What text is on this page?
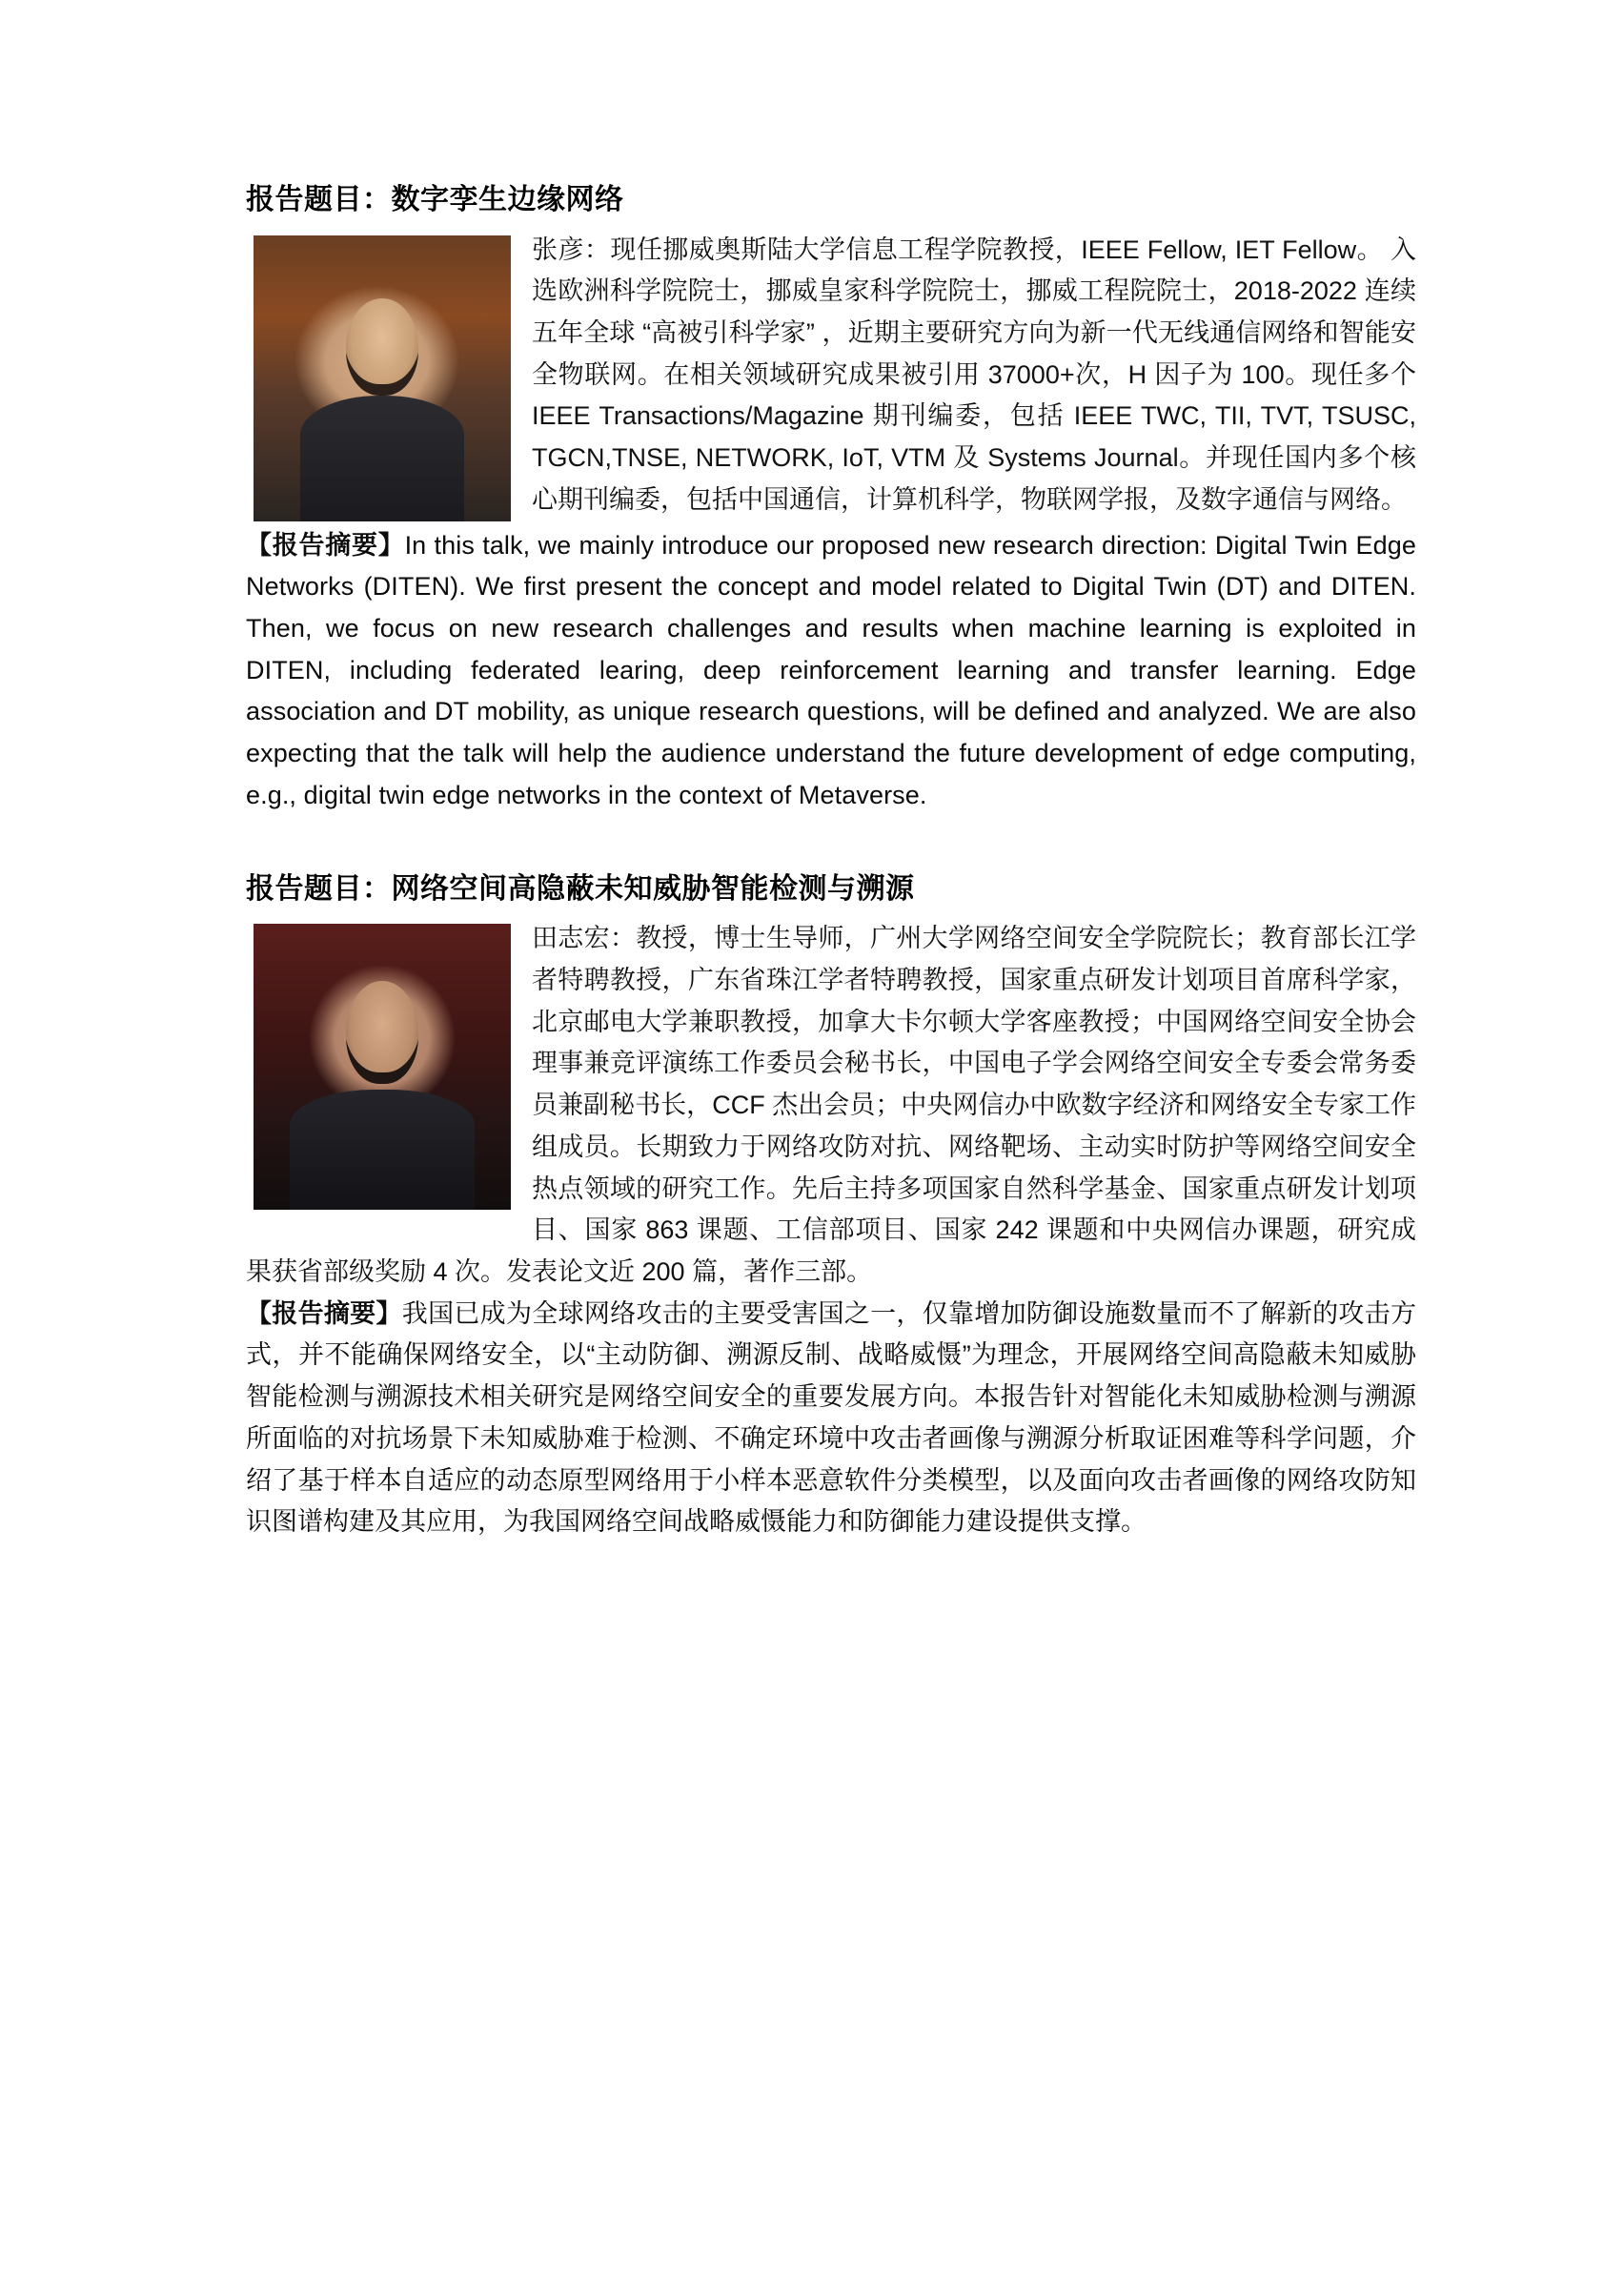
报告题目：数字孪生边缘网络

张彦：现任挪威奥斯陆大学信息工程学院教授，IEEE Fellow, IET Fellow。 入选欧洲科学院院士，挪威皇家科学院院士，挪威工程院院士，2018-2022 连续五年全球 “高被引科学家” ，近期主要研究方向为新一代无线通信网络和智能安全物联网。在相关领域研究成果被引用 37000+次，H 因子为 100。现任多个 IEEE Transactions/Magazine 期刊编委，包括 IEEE TWC, TII, TVT, TSUSC, TGCN,TNSE, NETWORK, IoT, VTM 及 Systems Journal。并现任国内多个核心期刊编委，包括中国通信，计算机科学，物联网学报，及数字通信与网络。

【报告摘要】In this talk, we mainly introduce our proposed new research direction: Digital Twin Edge Networks (DITEN). We first present the concept and model related to Digital Twin (DT) and DITEN. Then, we focus on new research challenges and results when machine learning is exploited in DITEN, including federated learing, deep reinforcement learning and transfer learning. Edge association and DT mobility, as unique research questions, will be defined and analyzed. We are also expecting that the talk will help the audience understand the future development of edge computing, e.g., digital twin edge networks in the context of Metaverse.

报告题目：网络空间高隐蔽未知威胁智能检测与溯源

田志宏：教授，博士生导师，广州大学网络空间安全学院院长；教育部长江学者特聘教授，广东省珠江学者特聘教授，国家重点研发计划项目首席科学家，北京邮电大学兼职教授，加拿大卡尔顿大学客座教授；中国网络空间安全协会理事兼竞评演练工作委员会秘书长，中国电子学会网络空间安全专委会常务委员兼副秘书长，CCF 杰出会员；中央网信办中欧数字经济和网络安全专家工作组成员。长期致力于网络攻防对抗、网络靶场、主动实时防护等网络空间安全热点领域的研究工作。先后主持多项国家自然科学基金、国家重点研发计划项目、国家 863 课题、工信部项目、国家 242 课题和中央网信办课题，研究成果获省部级奖励 4 次。发表论文近 200 篇，著作三部。

【报告摘要】我国已成为全球网络攻击的主要受害国之一，仅靠增加防御设施数量而不了解新的攻击方式，并不能确保网络安全，以“主动防御、溯源反制、战略威慑”为理念，开展网络空间高隐蔽未知威胁智能检测与溯源技术相关研究是网络空间安全的重要发展方向。本报告针对智能化未知威胁检测与溯源所面临的对抗场景下未知威胁难于检测、不确定环境中攻击者画像与溯源分析取证困难等科学问题，介绍了基于样本自适应的动态原型网络用于小样本恶意软件分类模型，以及面向攻击者画像的网络攻防知识图谱构建及其应用，为我国网络空间战略威慑能力和防御能力建设提供支撑。
